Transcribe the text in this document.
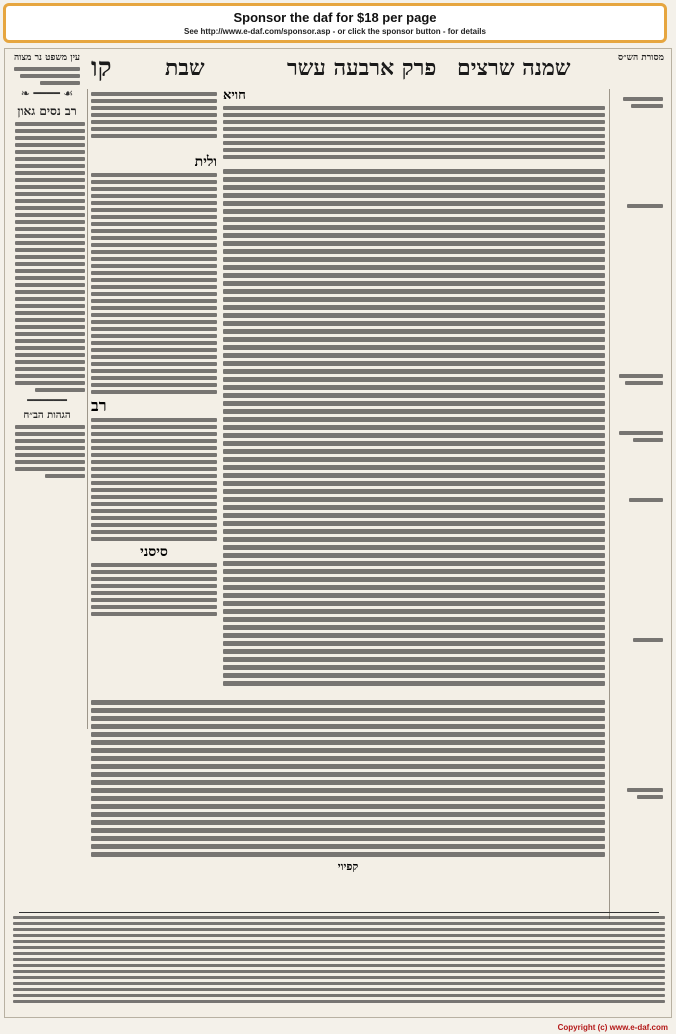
Sponsor the daf for $18 per page
See http://www.e-daf.com/sponsor.asp - or click the sponsor button - for details
קו שבת	פרק ארבעה עשר שמנה שרצים	מסורת הש״ס
עין משפט נר מצוה
❧ ━━━━ ☙
רב נסים גאון
━━━━━━
הגהות הב״ח
ולית
רב
סיסני
חויא
קפיוי
Copyright (c) www.e-daf.com
